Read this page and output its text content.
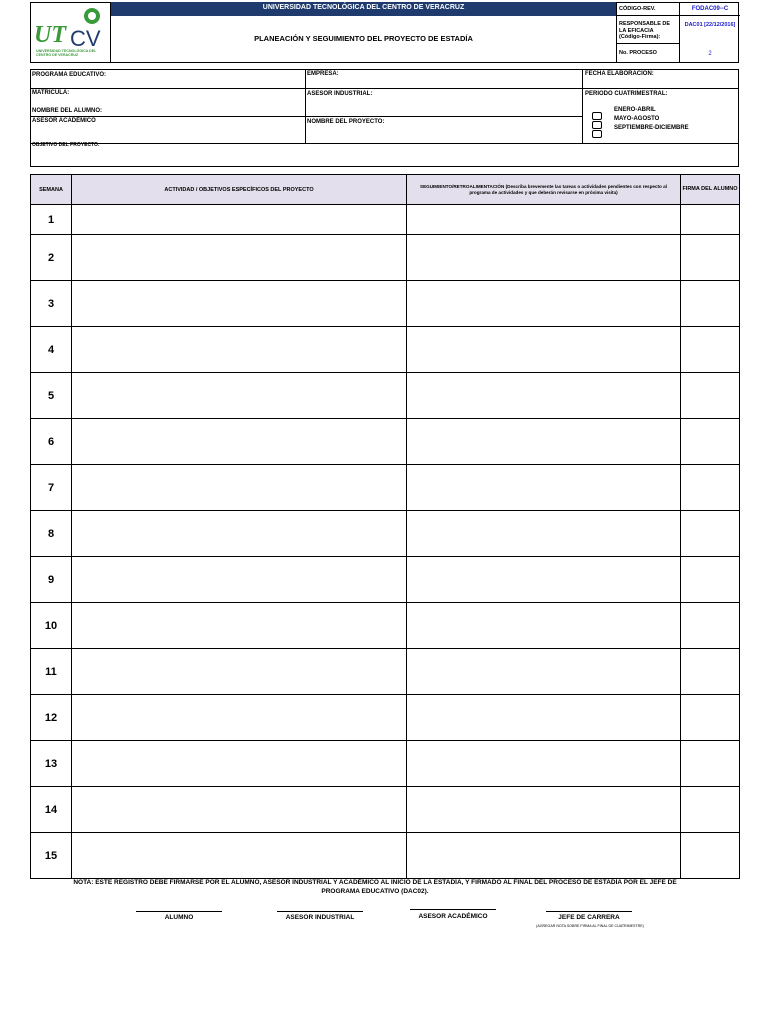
UT CV
UNIVERSIDAD TECNOLÓGICA DEL CENTRO DE VERACRUZ
UNIVERSIDAD TECNOLÓGICA DEL CENTRO DE VERACRUZ
PLANEACIÓN Y SEGUIMIENTO DEL PROYECTO DE ESTADÍA
CÓDIGO-REV.	FODAC09--C
RESPONSABLE DE LA EFICACIA (Código-Firma):
DAC01 [22/12/2016]
No. PROCESO	2
PROGRAMA EDUCATIVO:	EMPRESA:	FECHA ELABORACIÓN:
MATRICULA:	ASESOR INDUSTRIAL:	PERIODO CUATRIMESTRAL:
NOMBRE DEL ALUMNO:
ASESOR ACADÉMICO	NOMBRE DEL PROYECTO:
OBJETIVO DEL PROYECTO.
ENERO-ABRIL
MAYO-AGOSTO
SEPTIEMBRE-DICIEMBRE
SEMANA	ACTIVIDAD / OBJETIVOS ESPECÍFICOS DEL PROYECTO	SEGUIMIENTO/RETROALIMENTACIÓN (Describa brevemente las tareas o actividades pendientes con respecto al programa de actividades y que deberán revisarse en próxima visita)	FIRMA DEL ALUMNO
1			
2			
3			
4			
5			
6			
7			
8			
9			
10			
11			
12			
13			
14			
15			
NOTA: ESTE REGISTRO DEBE FIRMARSE POR EL ALUMNO, ASESOR INDUSTRIAL Y ACADÉMICO AL INICIO DE LA ESTADÍA, Y FIRMADO AL FINAL DEL PROCESO DE ESTADÍA POR EL JEFE DE PROGRAMA EDUCATIVO (DAC02).
ALUMNO	ASESOR INDUSTRIAL	ASESOR ACADÉMICO	JEFE DE CARRERA
(AGREGAR NOTA SOBRE FIRMA AL FINAL DE CUATRIMESTRE)
